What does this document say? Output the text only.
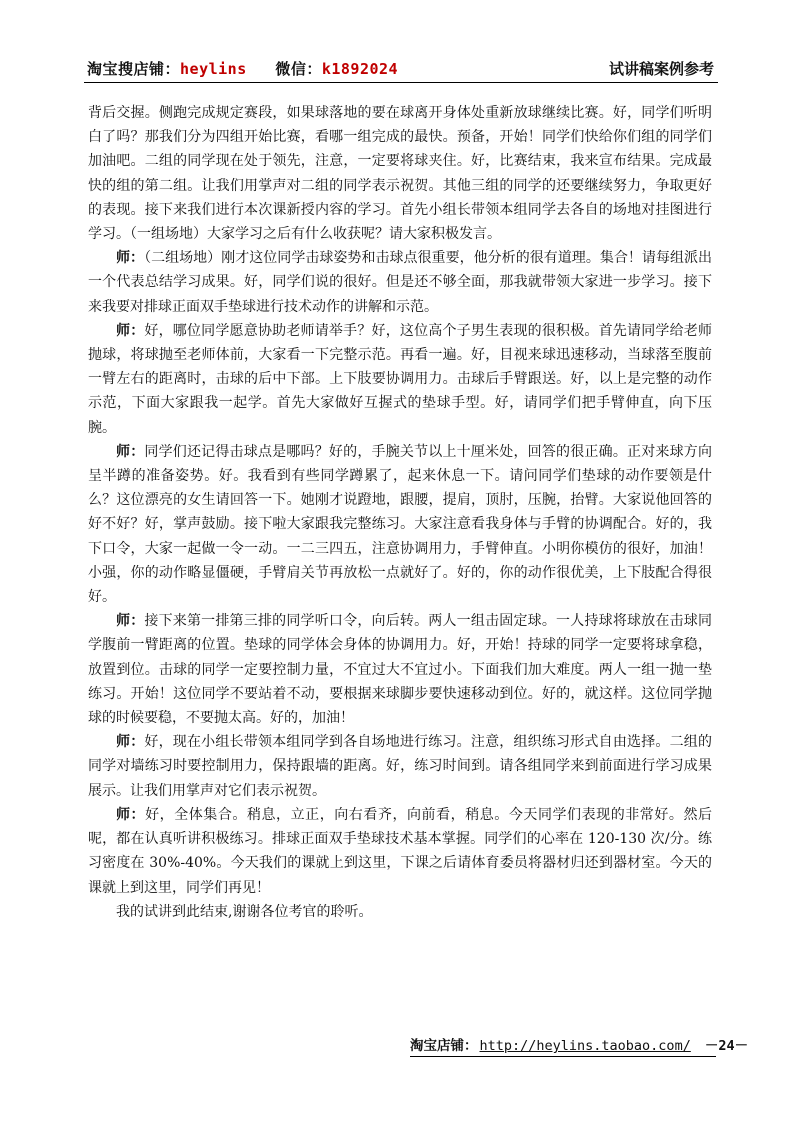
淘宝搜店铺：heylins 微信：k1892024	试讲稿案例参考

背后交握。侧跑完成规定赛段，如果球落地的要在球离开身体处重新放球继续比赛。好，同学们听明白了吗？那我们分为四组开始比赛，看哪一组完成的最快。预备，开始！同学们快给你们组的同学们加油吧。二组的同学现在处于领先，注意，一定要将球夹住。好，比赛结束，我来宣布结果。完成最快的组的第二组。让我们用掌声对二组的同学表示祝贺。其他三组的同学的还要继续努力，争取更好的表现。接下来我们进行本次课新授内容的学习。首先小组长带领本组同学去各自的场地对挂图进行学习。（一组场地）大家学习之后有什么收获呢？请大家积极发言。

师：（二组场地）刚才这位同学击球姿势和击球点很重要，他分析的很有道理。集合！请每组派出一个代表总结学习成果。好，同学们说的很好。但是还不够全面，那我就带领大家进一步学习。接下来我要对排球正面双手垫球进行技术动作的讲解和示范。

师：好，哪位同学愿意协助老师请举手？好，这位高个子男生表现的很积极。首先请同学给老师抛球，将球抛至老师体前，大家看一下完整示范。再看一遍。好，目视来球迅速移动，当球落至腹前一臂左右的距离时，击球的后中下部。上下肢要协调用力。击球后手臂跟送。好，以上是完整的动作示范，下面大家跟我一起学。首先大家做好互握式的垫球手型。好，请同学们把手臂伸直，向下压腕。

师：同学们还记得击球点是哪吗？好的，手腕关节以上十厘米处，回答的很正确。正对来球方向呈半蹲的准备姿势。好。我看到有些同学蹲累了，起来休息一下。请问同学们垫球的动作要领是什么？这位漂亮的女生请回答一下。她刚才说蹬地，跟腰，提肩，顶肘，压腕，抬臂。大家说他回答的好不好？好，掌声鼓励。接下啦大家跟我完整练习。大家注意看我身体与手臂的协调配合。好的，我下口令，大家一起做一令一动。一二三四五，注意协调用力，手臂伸直。小明你模仿的很好，加油！小强，你的动作略显僵硬，手臂肩关节再放松一点就好了。好的，你的动作很优美，上下肢配合得很好。

师：接下来第一排第三排的同学听口令，向后转。两人一组击固定球。一人持球将球放在击球同学腹前一臂距离的位置。垫球的同学体会身体的协调用力。好，开始！持球的同学一定要将球拿稳，放置到位。击球的同学一定要控制力量，不宜过大不宜过小。下面我们加大难度。两人一组一抛一垫练习。开始！这位同学不要站着不动，要根据来球脚步要快速移动到位。好的，就这样。这位同学抛球的时候要稳，不要抛太高。好的，加油！

师：好，现在小组长带领本组同学到各自场地进行练习。注意，组织练习形式自由选择。二组的同学对墙练习时要控制用力，保持跟墙的距离。好，练习时间到。请各组同学来到前面进行学习成果展示。让我们用掌声对它们表示祝贺。

师：好，全体集合。稍息，立正，向右看齐，向前看，稍息。今天同学们表现的非常好。然后呢，都在认真听讲积极练习。排球正面双手垫球技术基本掌握。同学们的心率在 120-130 次/分。练习密度在 30%-40%。今天我们的课就上到这里，下课之后请体育委员将器材归还到器材室。今天的课就上到这里，同学们再见！

我的试讲到此结束,谢谢各位考官的聆听。

淘宝店铺： http://heylins.taobao.com/ －24－
